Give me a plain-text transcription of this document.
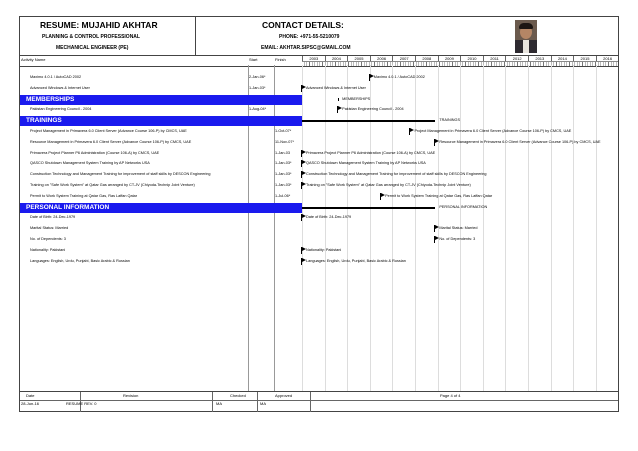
RESUME: MUJAHID AKHTAR
PLANNING & CONTROL PROFESSIONAL
MECHANICAL ENGINEER (PE)
CONTACT DETAILS:
PHONE: +971-55-5210079
EMAIL: AKHTAR.SIPSC@GMAIL.COM
Activity Name	Start	Finish	2003	2004	2005	2006	2007	2008	2009	2010	2011	2012	2013	2014	2015	2016
Maximo 4.0.1 / AutoCAD 2002	2-Jan-06*	Maximo 4.0.1 / AutoCAD 2002
Advanced Windows & Internet User	1-Jan-03*	Advanced Windows & Internet User
MEMBERSHIPS	MEMBERSHIPS
Pakistan Engineering Council - 2004	1-Aug-04*	Pakistan Engineering Council - 2004
TRAININGS	TRAININGS
Project Management in Primavera 6.0 Client Server (Advance Course 106-P) by CMCS, UAE	1-Oct-07*	Project Management in Primavera 6.0 Client Server (Advance Course 106-P) by CMCS, UAE
Resource Management in Primavera 6.0 Client Server (Advance Course 106-P) by CMCS, UAE	11-Nov-07*	Resource Management in Primavera 6.0 Client Server (Advance Course 106-P) by CMCS, UAE
Primavera Project Planner P6 Administration (Course 106-A) by CMCS, UAE	1-Jan-03	Primavera Project Planner P6 Administration (Course 106-A) by CMCS, UAE
QASCO Shutdown Management System Training by AP Networks USA	1-Jan-03*	QASCO Shutdown Management System Training by AP Networks USA
Construction Technology and Management Training for improvement of staff skills by DESCON Engineering	1-Jan-03*	Construction Technology and Management Training for improvement of staff skills by DESCON Engineering
Training on "Safe Work System" at Qatar Gas arranged by CT-JV (Chiyoda-Technip Joint Venture)	1-Jan-03*	Training on "Safe Work System" at Qatar Gas arranged by CT-JV (Chiyoda-Technip Joint Venture)
Permit to Work System Training at Qatar Gas, Ras Laffan Qatar	1-Jul-06*	Permit to Work System Training at Qatar Gas, Ras Laffan Qatar
PERSONAL INFORMATION	PERSONAL INFORMATION
Date of Birth: 24-Dec-1979	Date of Birth: 24-Dec-1979
Marital Status: Married	Marital Status: Married
No. of Dependents: 3	No. of Dependents: 3
Nationality: Pakistani	Nationality: Pakistani
Languages: English, Urdu, Punjabi, Basic Arabic & Russian	Languages: English, Urdu, Punjabi, Basic Arabic & Russian
Date	Revision	Checked	Approved	Page 4 of 4
28-Jun-16	RESUME REV. 0	MA	MA
